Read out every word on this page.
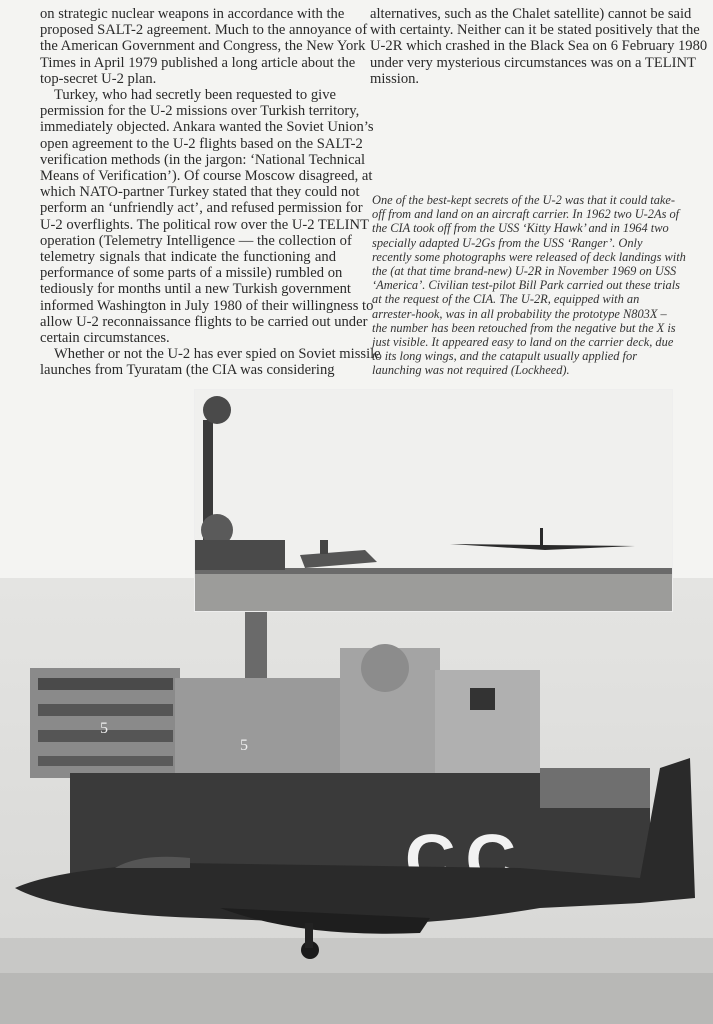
on strategic nuclear weapons in accordance with the
proposed SALT-2 agreement. Much to the annoyance of
the American Government and Congress, the New York
Times in April 1979 published a long article about the
top-secret U-2 plan.
Turkey, who had secretly been requested to give
permission for the U-2 missions over Turkish territory,
immediately objected. Ankara wanted the Soviet Union’s
open agreement to the U-2 flights based on the SALT-2
verification methods (in the jargon: ‘National Technical
Means of Verification’). Of course Moscow disagreed, at
which NATO-partner Turkey stated that they could not
perform an ‘unfriendly act’, and refused permission for
U-2 overflights. The political row over the U-2 TELINT
operation (Telemetry Intelligence — the collection of
telemetry signals that indicate the functioning and
performance of some parts of a missile) rumbled on
tediously for months until a new Turkish government
informed Washington in July 1980 of their willingness to
allow U-2 reconnaissance flights to be carried out under
certain circumstances.
Whether or not the U-2 has ever spied on Soviet missile
launches from Tyuratam (the CIA was considering
alternatives, such as the Chalet satellite) cannot be said
with certainty. Neither can it be stated positively that the
U-2R which crashed in the Black Sea on 6 February 1980
under very mysterious circumstances was on a TELINT
mission.
One of the best-kept secrets of the U-2 was that it could take-
off from and land on an aircraft carrier. In 1962 two U-2As of
the CIA took off from the USS ‘Kitty Hawk’ and in 1964 two
specially adapted U-2Gs from the USS ‘Ranger’. Only
recently some photographs were released of deck landings with
the (at that time brand-new) U-2R in November 1969 on USS
‘America’. Civilian test-pilot Bill Park carried out these trials
at the request of the CIA. The U-2R, equipped with an
arrester-hook, was in all probability the prototype N803X –
the number has been retouched from the negative but the X is
just visible. It appeared easy to land on the carrier deck, due
to its long wings, and the catapult usually applied for
launching was not required (Lockheed).
5
5
CC
